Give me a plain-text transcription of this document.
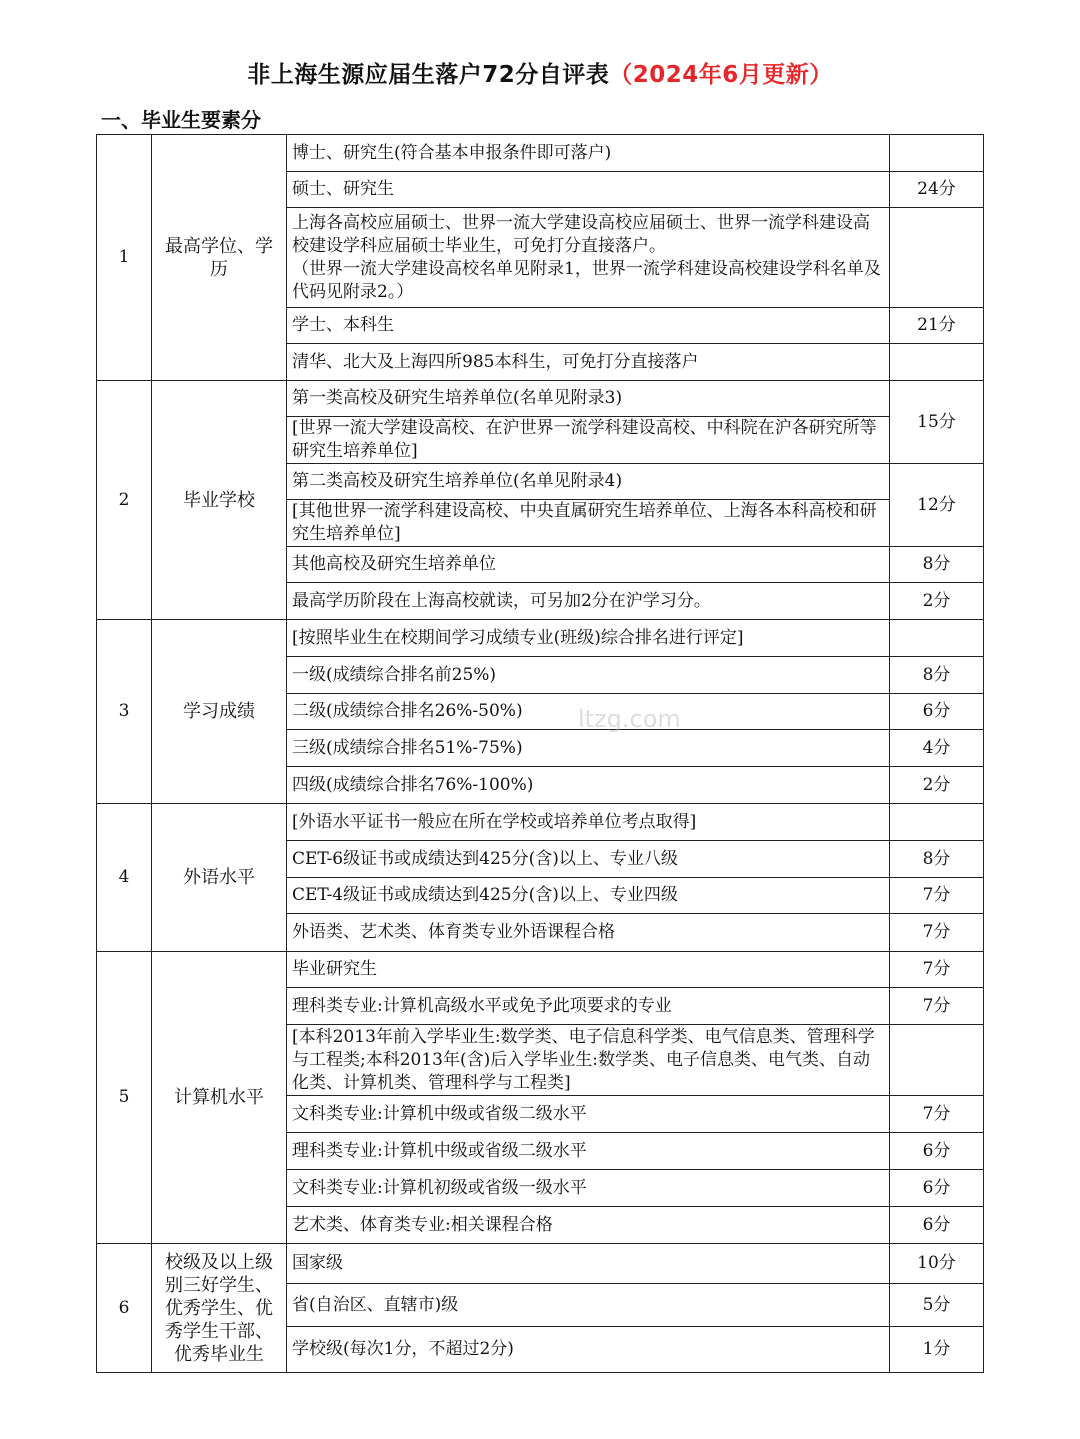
非上海生源应届生落户72分自评表（2024年6月更新）
一、毕业生要素分
1	最高学位、学历	博士、研究生(符合基本申报条件即可落户)	
		硕士、研究生	24分

		上海各高校应届硕士、世界一流大学建设高校应届硕士、世界一流学科建设高校建设学科应届硕士毕业生，可免打分直接落户。
（世界一流大学建设高校名单见附录1，世界一流学科建设高校建设学科名单及代码见附录2。）	

		学士、本科生	21分
		清华、北大及上海四所985本科生，可免打分直接落户	
2	毕业学校	第一类高校及研究生培养单位(名单见附录3)	15分
		[世界一流大学建设高校、在沪世界一流学科建设高校、中科院在沪各研究所等研究生培养单位]	
		第二类高校及研究生培养单位(名单见附录4)	12分
		[其他世界一流学科建设高校、中央直属研究生培养单位、上海各本科高校和研究生培养单位]	
		其他高校及研究生培养单位	8分
		最高学历阶段在上海高校就读，可另加2分在沪学习分。	2分
3	学习成绩	[按照毕业生在校期间学习成绩专业(班级)综合排名进行评定]	
		一级(成绩综合排名前25%)	8分
		二级(成绩综合排名26%-50%)	6分
		三级(成绩综合排名51%-75%)	4分
		四级(成绩综合排名76%-100%)	2分
4	外语水平	[外语水平证书一般应在所在学校或培养单位考点取得]	
		CET-6级证书或成绩达到425分(含)以上、专业八级	8分
		CET-4级证书或成绩达到425分(含)以上、专业四级	7分
		外语类、艺术类、体育类专业外语课程合格	7分
5	计算机水平	毕业研究生	7分
		理科类专业:计算机高级水平或免予此项要求的专业	7分
		[本科2013年前入学毕业生:数学类、电子信息科学类、电气信息类、管理科学与工程类;本科2013年(含)后入学毕业生:数学类、电子信息类、电气类、自动化类、计算机类、管理科学与工程类]	
		文科类专业:计算机中级或省级二级水平	7分
		理科类专业:计算机中级或省级二级水平	6分
		文科类专业:计算机初级或省级一级水平	6分
		艺术类、体育类专业:相关课程合格	6分
6	校级及以上级别三好学生、优秀学生、优秀学生干部、优秀毕业生	国家级	10分
		省(自治区、直辖市)级	5分
		学校级(每次1分，不超过2分)	1分
ltzg.com
